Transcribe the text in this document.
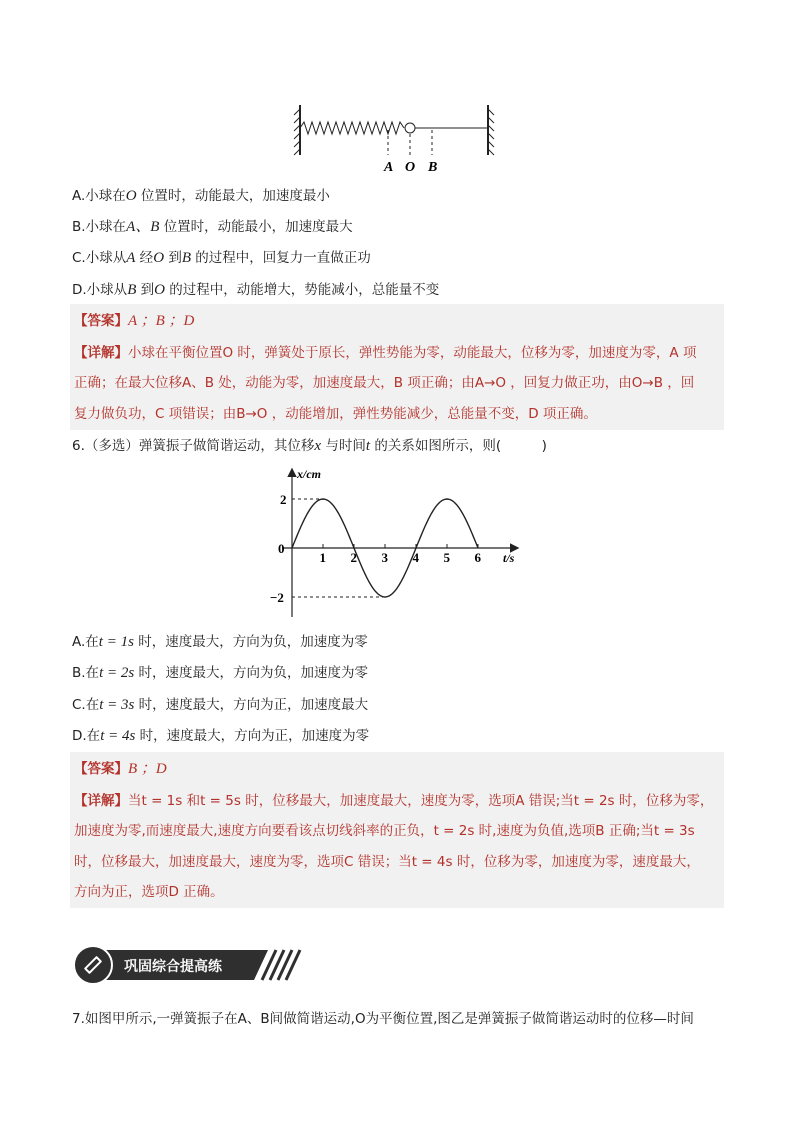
A O B
A.小球在O 位置时，动能最大，加速度最小
B.小球在A、B 位置时，动能最小，加速度最大
C.小球从A 经O 到B 的过程中，回复力一直做正功
D.小球从B 到O 的过程中，动能增大，势能减小，总能量不变
【答案】A ；B ；D
【详解】小球在平衡位置O 时，弹簧处于原长，弹性势能为零，动能最大，位移为零，加速度为零，A 项
正确；在最大位移A、B 处，动能为零，加速度最大，B 项正确；由A→O ，回复力做正功，由O→B ，回
复力做负功，C 项错误；由B→O ，动能增加，弹性势能减少，总能量不变，D 项正确。
6.（多选）弹簧振子做简谐运动，其位移x 与时间t 的关系如图所示，则(　　　)
x/cm
t/s
0
1 2 3 4 5 6
2
−2
A.在t = 1s 时，速度最大，方向为负，加速度为零
B.在t = 2s 时，速度最大，方向为负，加速度为零
C.在t = 3s 时，速度最大，方向为正，加速度最大
D.在t = 4s 时，速度最大，方向为正，加速度为零
【答案】B ；D
【详解】当t = 1s 和t = 5s 时，位移最大，加速度最大，速度为零，选项A 错误;当t = 2s 时，位移为零，
加速度为零,而速度最大,速度方向要看该点切线斜率的正负，t = 2s 时,速度为负值,选项B 正确;当t = 3s
时，位移最大，加速度最大，速度为零，选项C 错误；当t = 4s 时，位移为零，加速度为零，速度最大，
方向为正，选项D 正确。
巩固综合提高练
7.如图甲所示,一弹簧振子在A、B间做简谐运动,O为平衡位置,图乙是弹簧振子做简谐运动时的位移—时间
